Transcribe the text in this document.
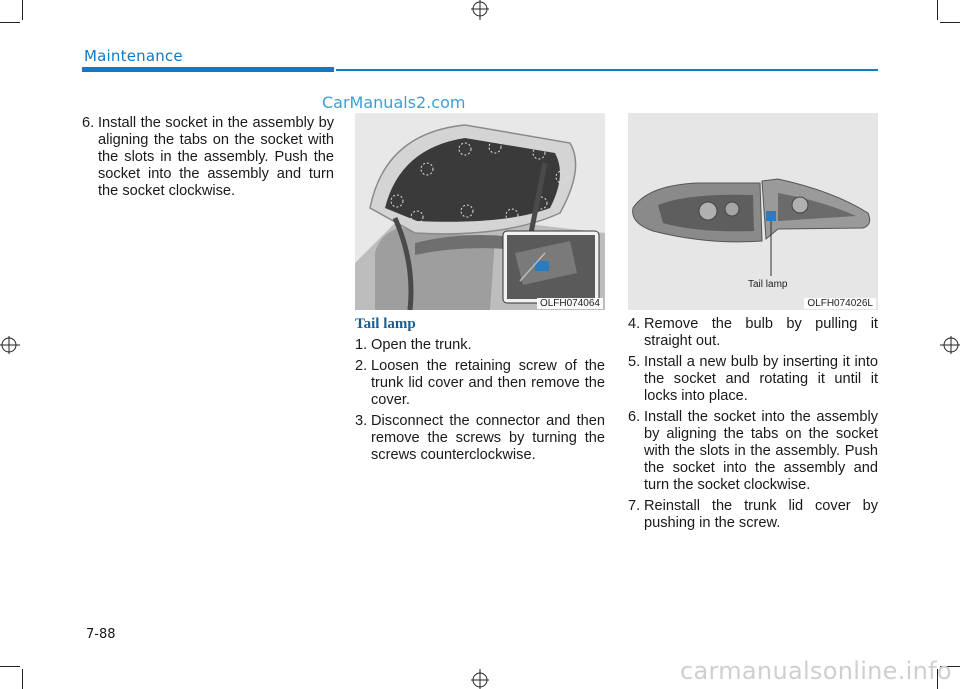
Maintenance
CarManuals2.com
6. Install the socket in the assembly by aligning the tabs on the socket with the slots in the assembly. Push the socket into the assembly and turn the socket clockwise.
OLFH074064
Tail lamp
OLFH074026L
Tail lamp
1. Open the trunk.
2. Loosen the retaining screw of the trunk lid cover and then remove the cover.
3. Disconnect the connector and then remove the screws by turning the screws counterclockwise.
4. Remove the bulb by pulling it straight out.
5. Install a new bulb by inserting it into the socket and rotating it until it locks into place.
6. Install the socket into the assembly by aligning the tabs on the socket with the slots in the assembly. Push the socket into the assembly and turn the socket clockwise.
7. Reinstall the trunk lid cover by pushing in the screw.
7-88
carmanualsonline.info
